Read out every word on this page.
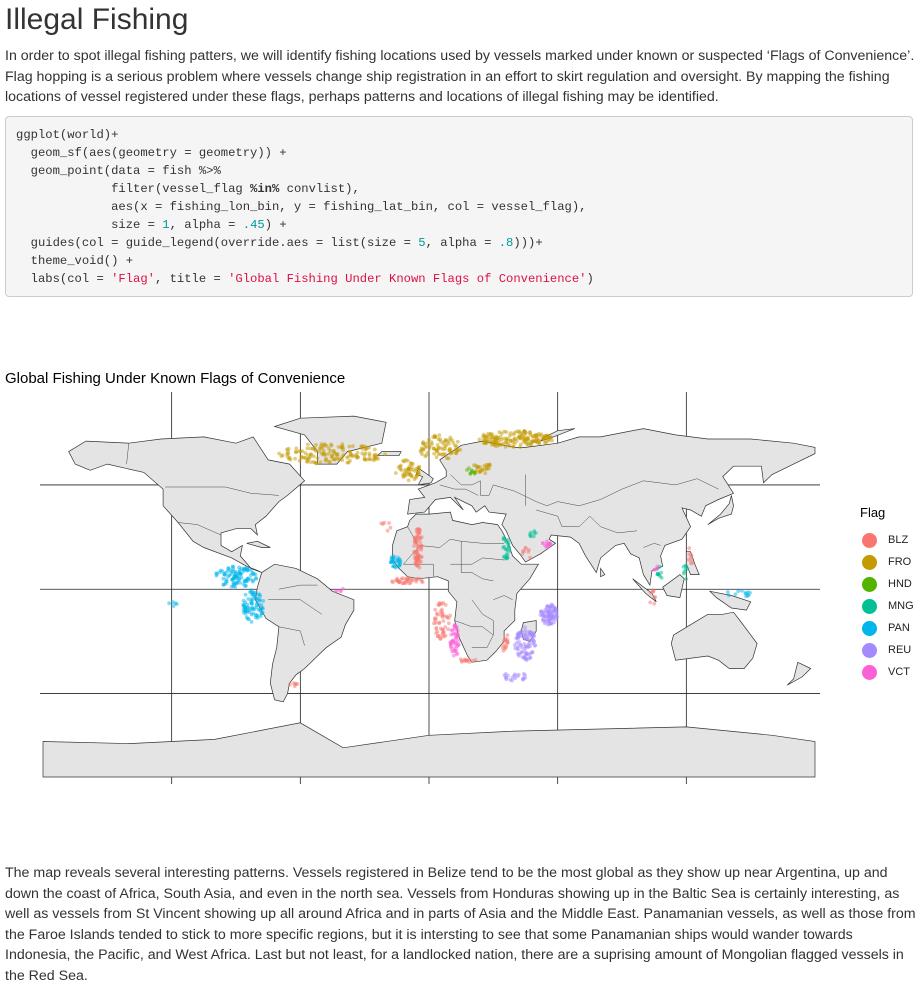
Illegal Fishing

In order to spot illegal fishing patters, we will identify fishing locations used by vessels marked under known or suspected ‘Flags of Convenience’. Flag hopping is a serious problem where vessels change ship registration in an effort to skirt regulation and oversight. By mapping the fishing locations of vessel registered under these flags, perhaps patterns and locations of illegal fishing may be identified.

ggplot(world)+
geom_sf(aes(geometry = geometry)) +
geom_point(data = fish %>%
filter(vessel_flag %in% convlist),
aes(x = fishing_lon_bin, y = fishing_lat_bin, col = vessel_flag),
size = 1, alpha = .45) +
guides(col = guide_legend(override.aes = list(size = 5, alpha = .8)))+
theme_void() +
labs(col = 'Flag', title = 'Global Fishing Under Known Flags of Convenience')
Global Fishing Under Known Flags of Convenience
Flag
BLZ
FRO
HND
MNG
PAN
REU
VCT

The map reveals several interesting patterns. Vessels registered in Belize tend to be the most global as they show up near Argentina, up and down the coast of Africa, South Asia, and even in the north sea. Vessels from Honduras showing up in the Baltic Sea is certainly interesting, as well as vessels from St Vincent showing up all around Africa and in parts of Asia and the Middle East. Panamanian vessels, as well as those from the Faroe Islands tended to stick to more specific regions, but it is intersting to see that some Panamanian ships would wander towards Indonesia, the Pacific, and West Africa. Last but not least, for a landlocked nation, there are a suprising amount of Mongolian flagged vessels in the Red Sea.
